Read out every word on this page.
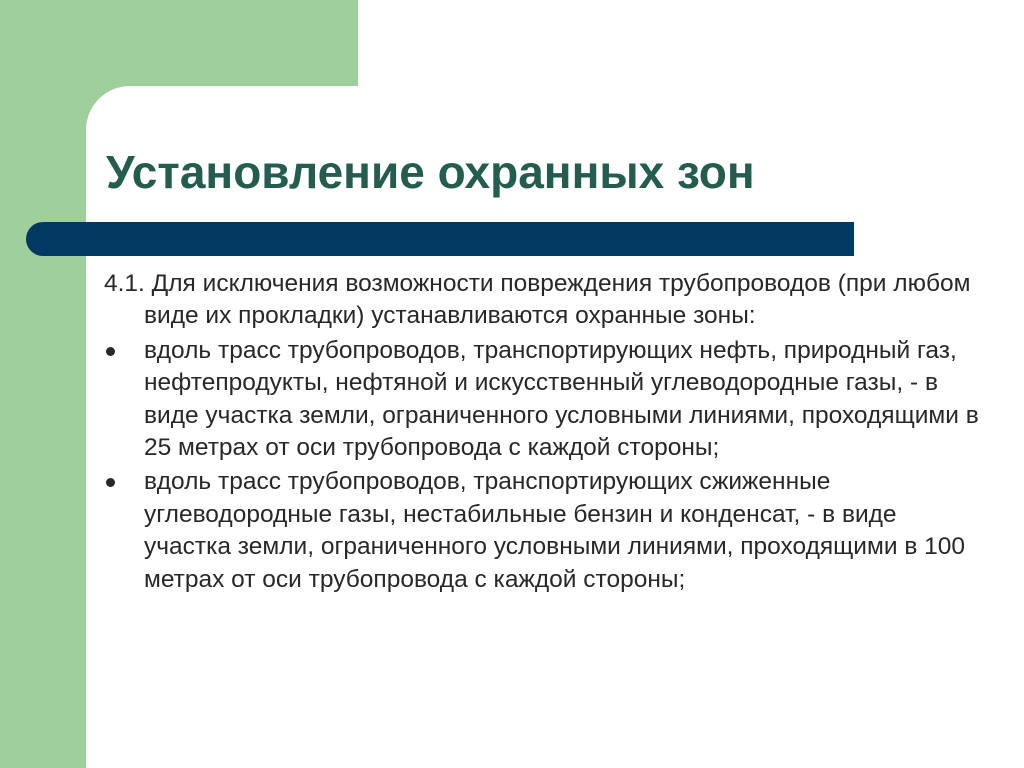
Установление охранных зон

4.1. Для исключения возможности повреждения трубопроводов (при любом виде их прокладки) устанавливаются охранные зоны:

вдоль трасс трубопроводов, транспортирующих нефть, природный газ, нефтепродукты, нефтяной и искусственный углеводородные газы, - в виде участка земли, ограниченного условными линиями, проходящими в 25 метрах от оси трубопровода с каждой стороны;
вдоль трасс трубопроводов, транспортирующих сжиженные углеводородные газы, нестабильные бензин и конденсат, - в виде участка земли, ограниченного условными линиями, проходящими в 100 метрах от оси трубопровода с каждой стороны;
